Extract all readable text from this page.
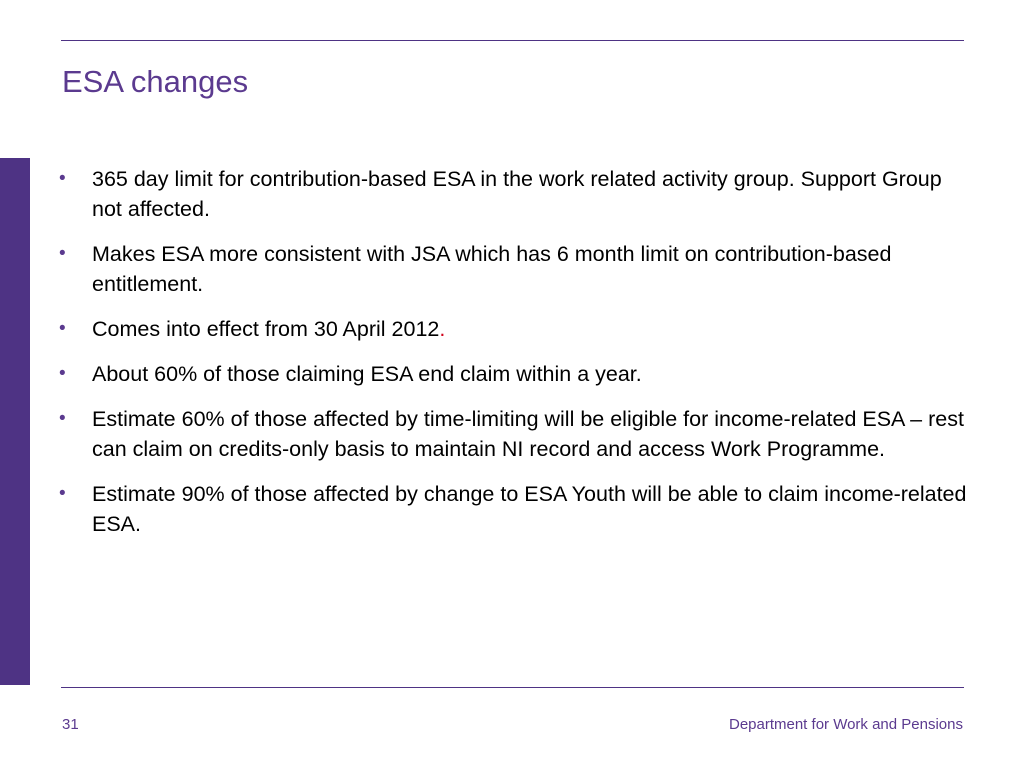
ESA changes
• 365 day limit for contribution-based ESA in the work related activity group. Support Group not affected.
• Makes ESA more consistent with JSA which has 6 month limit on contribution-based entitlement.
• Comes into effect from 30 April 2012.
• About 60% of those claiming ESA end claim within a year.
• Estimate 60% of those affected by time-limiting will be eligible for income-related ESA – rest can claim on credits-only basis to maintain NI record and access Work Programme.
• Estimate 90% of those affected by change to ESA Youth will be able to claim income-related ESA.
31	Department for Work and Pensions
